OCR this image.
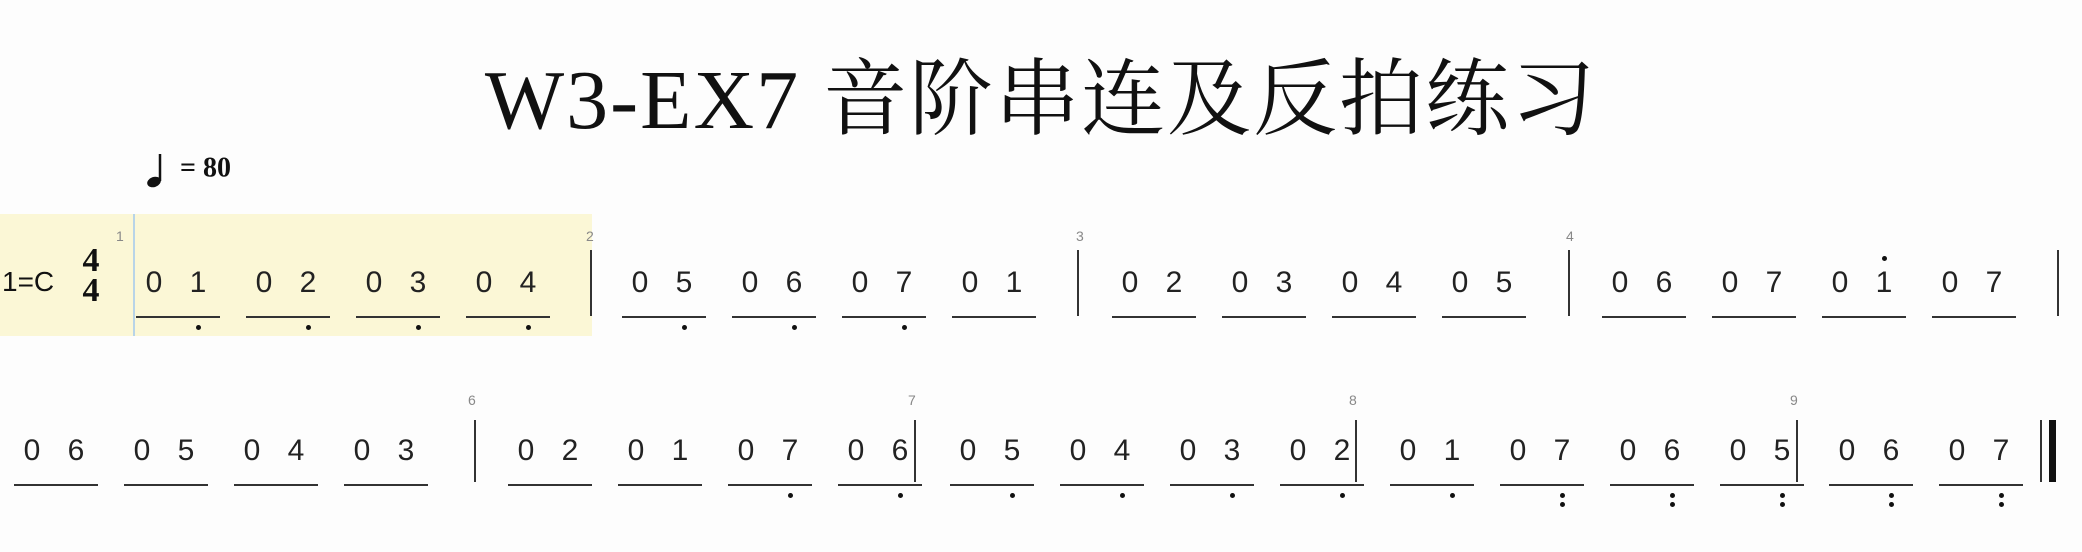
W3-EX7 音阶串连及反拍练习
= 80
1=C
4
4
1
0 1 0 2 0 3 0 4
2
0 5 0 6 0 7 0 1
3
0 2 0 3 0 4 0 5
4
0 6 0 7 0 1 0 7
0 6 0 5 0 4 0 3
6
0 2 0 1 0 7 0 6
7
0 5 0 4 0 3 0 2
8
0 1 0 7 0 6 0 5
9
0 6 0 7
